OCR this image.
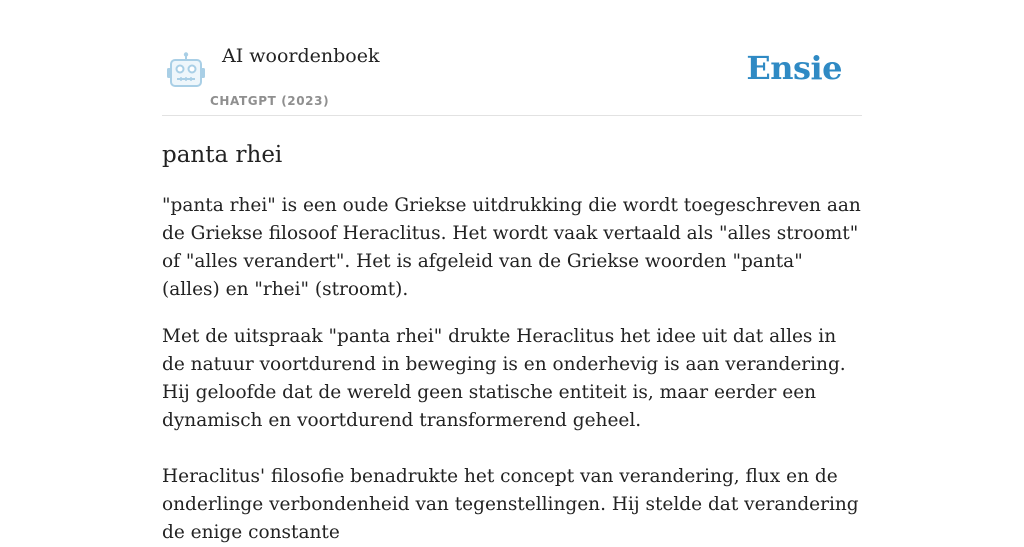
AI woordenboek
CHATGPT (2023)
Ensie
panta rhei

"panta rhei" is een oude Griekse uitdrukking die wordt toegeschreven aan de Griekse filosoof Heraclitus. Het wordt vaak vertaald als "alles stroomt" of "alles verandert". Het is afgeleid van de Griekse woorden "panta" (alles) en "rhei" (stroomt).

Met de uitspraak "panta rhei" drukte Heraclitus het idee uit dat alles in de natuur voortdurend in beweging is en onderhevig is aan verandering. Hij geloofde dat de wereld geen statische entiteit is, maar eerder een dynamisch en voortdurend transformerend geheel.

Heraclitus' filosofie benadrukte het concept van verandering, flux en de onderlinge verbondenheid van tegenstellingen. Hij stelde dat verandering de enige constante
